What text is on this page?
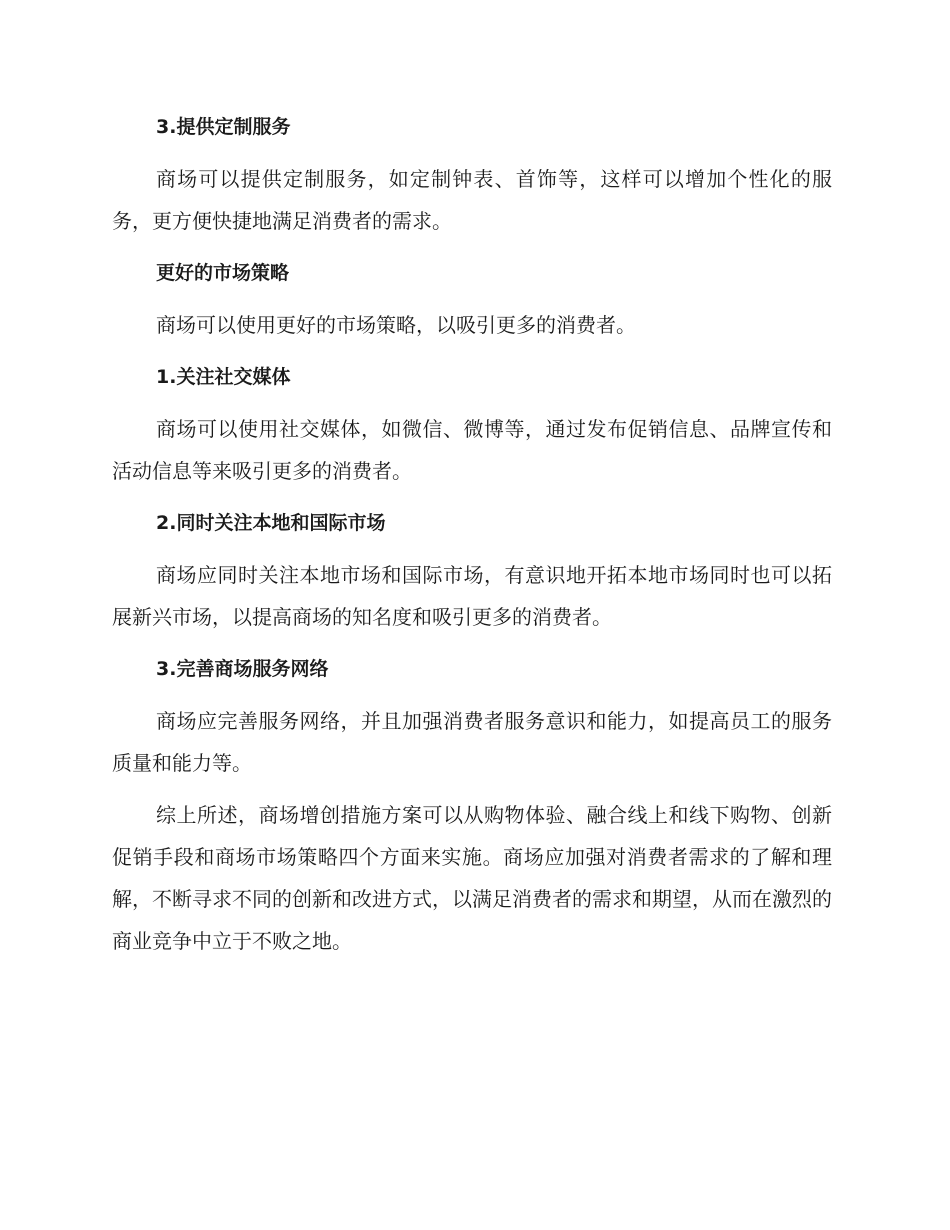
3.提供定制服务

商场可以提供定制服务，如定制钟表、首饰等，这样可以增加个性化的服务，更方便快捷地满足消费者的需求。

更好的市场策略

商场可以使用更好的市场策略，以吸引更多的消费者。

1.关注社交媒体

商场可以使用社交媒体，如微信、微博等，通过发布促销信息、品牌宣传和活动信息等来吸引更多的消费者。

2.同时关注本地和国际市场

商场应同时关注本地市场和国际市场，有意识地开拓本地市场同时也可以拓展新兴市场，以提高商场的知名度和吸引更多的消费者。

3.完善商场服务网络

商场应完善服务网络，并且加强消费者服务意识和能力，如提高员工的服务质量和能力等。

综上所述，商场增创措施方案可以从购物体验、融合线上和线下购物、创新促销手段和商场市场策略四个方面来实施。商场应加强对消费者需求的了解和理解，不断寻求不同的创新和改进方式，以满足消费者的需求和期望，从而在激烈的商业竞争中立于不败之地。
